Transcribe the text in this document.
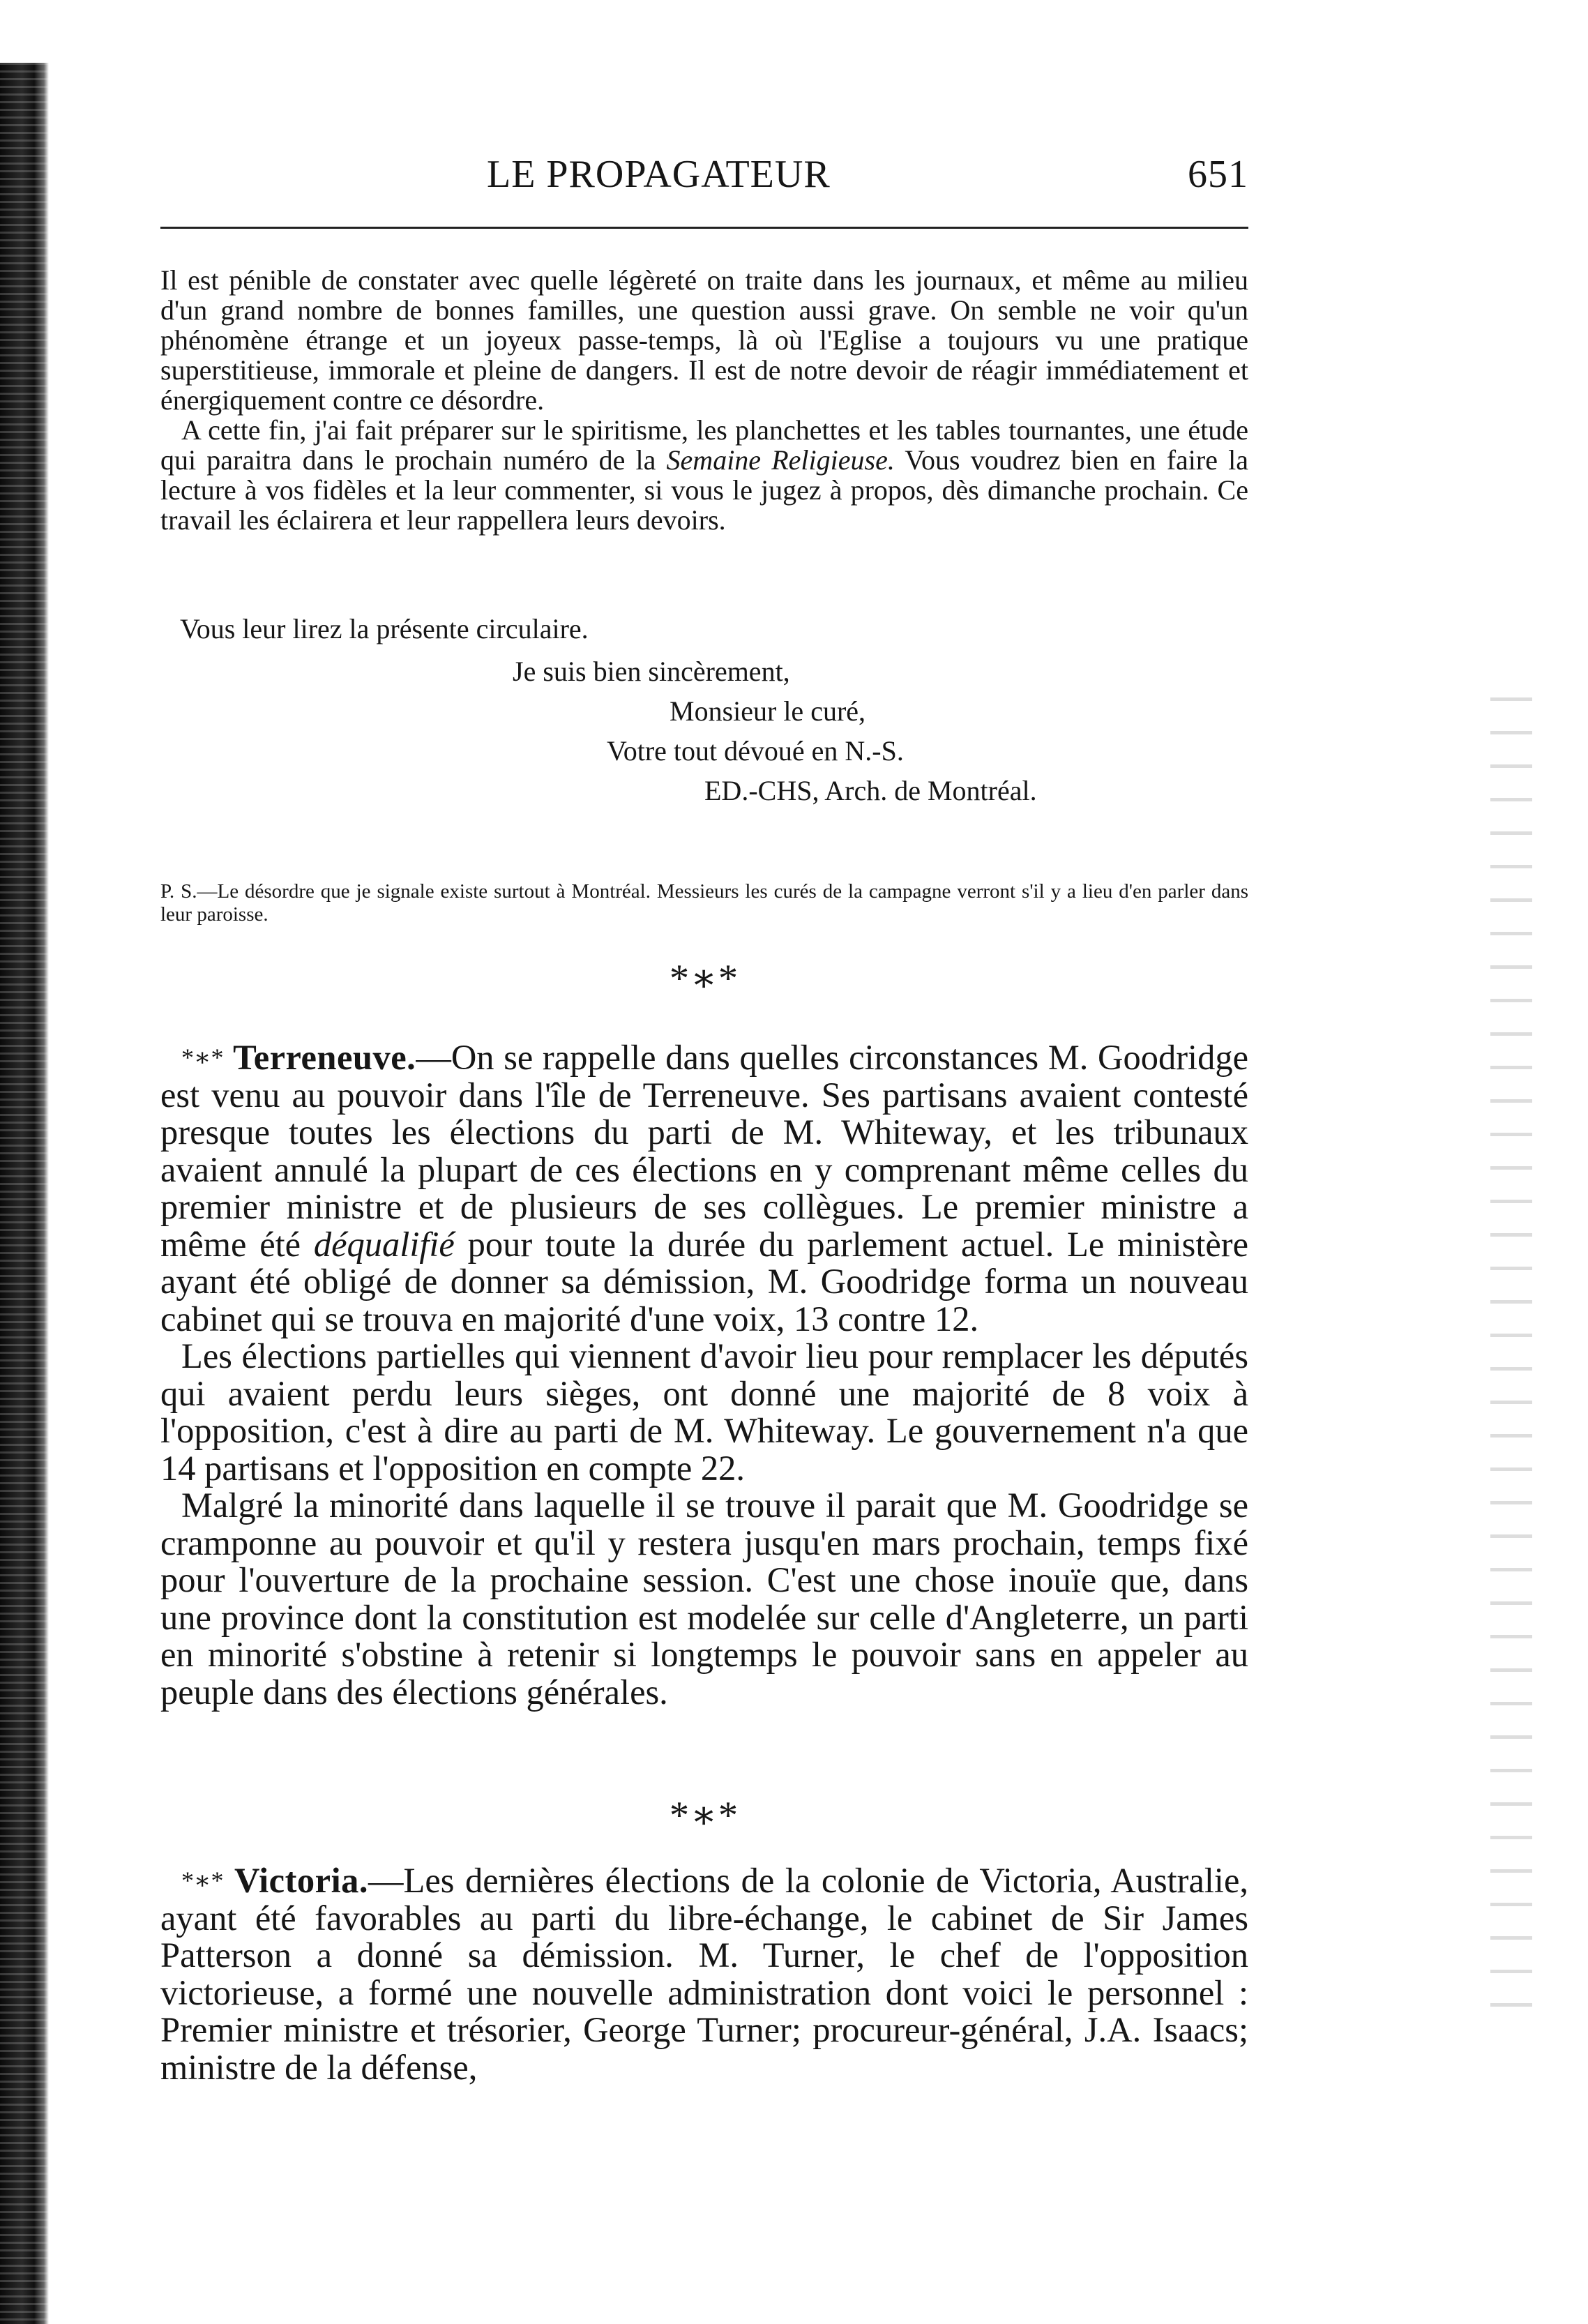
LE PROPAGATEUR	651

Il est pénible de constater avec quelle légèreté on traite dans les journaux, et même au milieu d'un grand nombre de bonnes familles, une question aussi grave. On semble ne voir qu'un phénomène étrange et un joyeux passe-temps, là où l'Eglise a toujours vu une pratique superstitieuse, immorale et pleine de dangers. Il est de notre devoir de réagir immédiatement et énergiquement contre ce désordre.

A cette fin, j'ai fait préparer sur le spiritisme, les planchettes et les tables tournantes, une étude qui paraitra dans le prochain numéro de la Semaine Religieuse. Vous voudrez bien en faire la lecture à vos fidèles et la leur commenter, si vous le jugez à propos, dès dimanche prochain. Ce travail les éclairera et leur rappellera leurs devoirs.

Vous leur lirez la présente circulaire.
Je suis bien sincèrement,
Monsieur le curé,
Votre tout dévoué en N.-S.
ED.-CHS, Arch. de Montréal.
P. S.—Le désordre que je signale existe surtout à Montréal. Messieurs les curés de la campagne verront s'il y a lieu d'en parler dans leur paroisse.
*∗*

*∗* Terreneuve.—On se rappelle dans quelles circonstances M. Goodridge est venu au pouvoir dans l'île de Terreneuve. Ses partisans avaient contesté presque toutes les élections du parti de M. Whiteway, et les tribunaux avaient annulé la plupart de ces élections en y comprenant même celles du premier ministre et de plusieurs de ses collègues. Le premier ministre a même été déqualifié pour toute la durée du parlement actuel. Le ministère ayant été obligé de donner sa démission, M. Goodridge forma un nouveau cabinet qui se trouva en majorité d'une voix, 13 contre 12.

Les élections partielles qui viennent d'avoir lieu pour remplacer les députés qui avaient perdu leurs sièges, ont donné une majorité de 8 voix à l'opposition, c'est à dire au parti de M. Whiteway. Le gouvernement n'a que 14 partisans et l'opposition en compte 22.

Malgré la minorité dans laquelle il se trouve il parait que M. Goodridge se cramponne au pouvoir et qu'il y restera jusqu'en mars prochain, temps fixé pour l'ouverture de la prochaine session. C'est une chose inouïe que, dans une province dont la constitution est modelée sur celle d'Angleterre, un parti en minorité s'obstine à retenir si longtemps le pouvoir sans en appeler au peuple dans des élections générales.

*∗*

*∗* Victoria.—Les dernières élections de la colonie de Victoria, Australie, ayant été favorables au parti du libre-échange, le cabinet de Sir James Patterson a donné sa démission. M. Turner, le chef de l'opposition victorieuse, a formé une nouvelle administration dont voici le personnel : Premier ministre et trésorier, George Turner; procureur-général, J.A. Isaacs; ministre de la défense,
